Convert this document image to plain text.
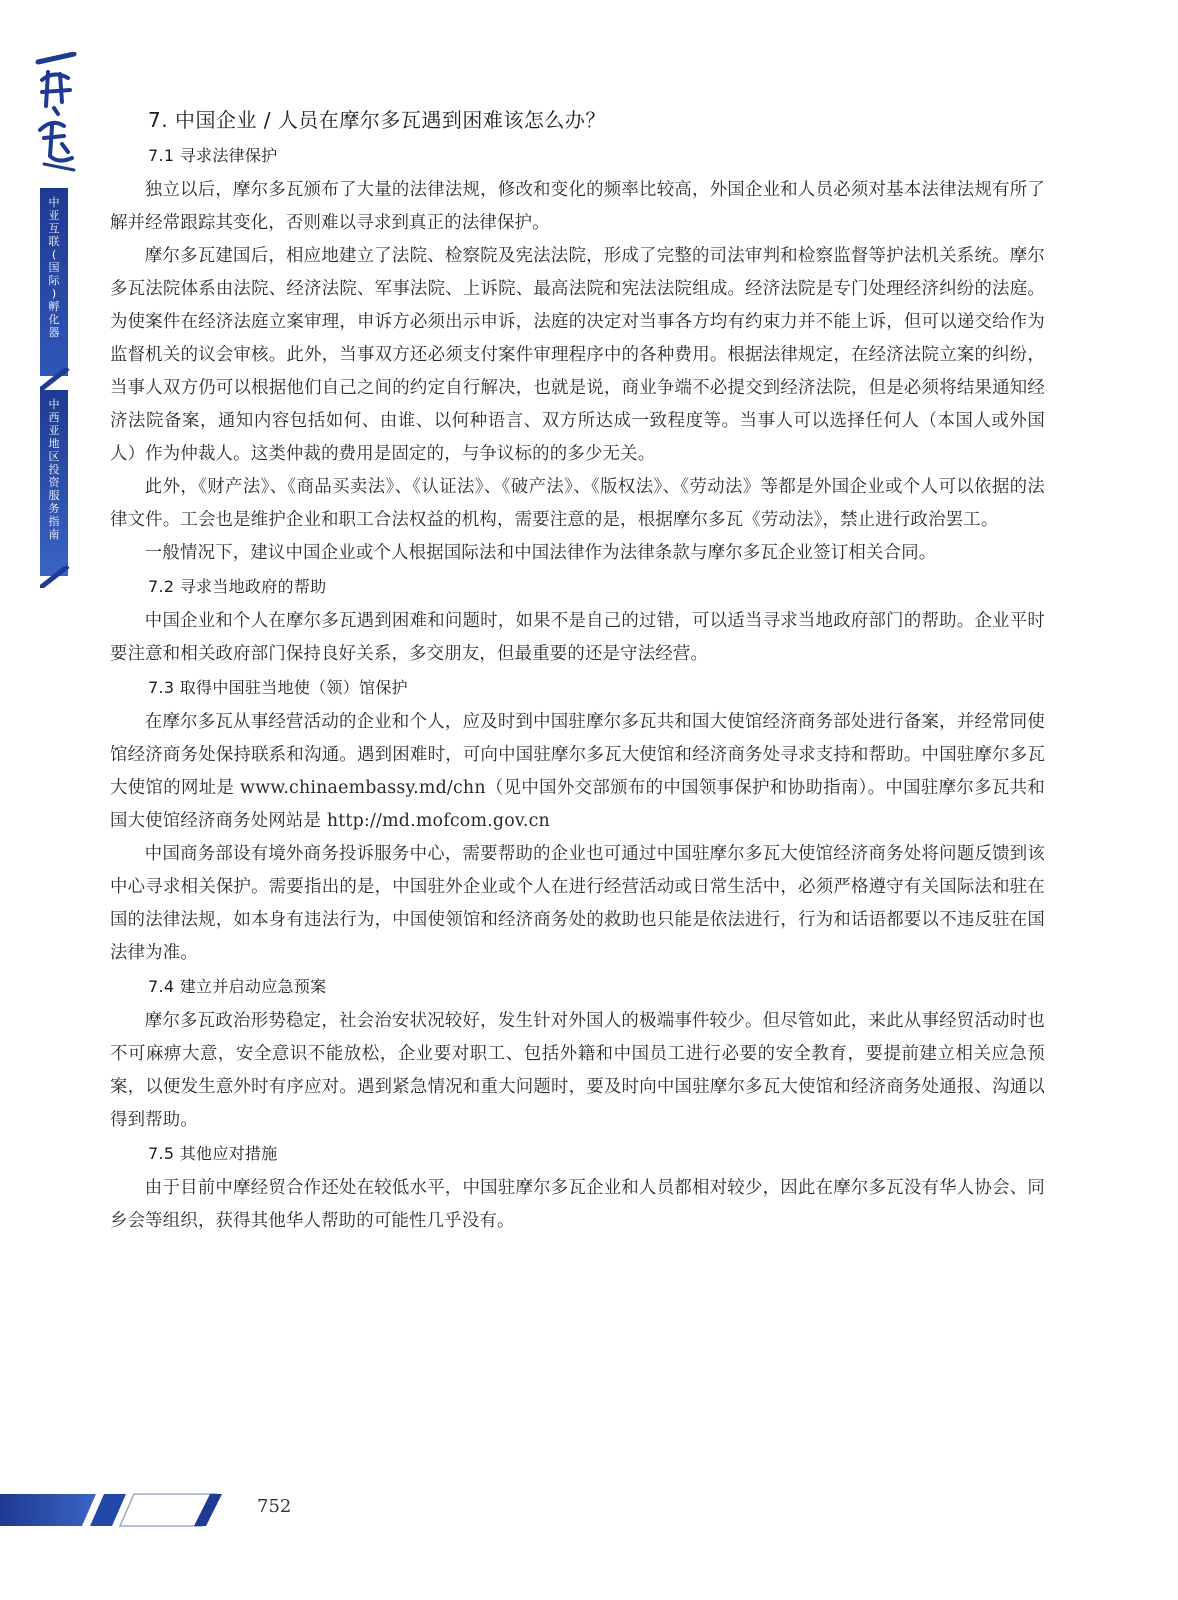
中
亚
互
联
(
国
际
)
孵
化
器
中
西
亚
地
区
投
资
服
务
指
南
7. 中国企业 / 人员在摩尔多瓦遇到困难该怎么办？
7.1 寻求法律保护

独立以后，摩尔多瓦颁布了大量的法律法规，修改和变化的频率比较高，外国企业和人员必须对基本法律法规有所了解并经常跟踪其变化，否则难以寻求到真正的法律保护。

摩尔多瓦建国后，相应地建立了法院、检察院及宪法法院，形成了完整的司法审判和检察监督等护法机关系统。摩尔多瓦法院体系由法院、经济法院、军事法院、上诉院、最高法院和宪法法院组成。经济法院是专门处理经济纠纷的法庭。为使案件在经济法庭立案审理，申诉方必须出示申诉，法庭的决定对当事各方均有约束力并不能上诉，但可以递交给作为监督机关的议会审核。此外，当事双方还必须支付案件审理程序中的各种费用。根据法律规定，在经济法院立案的纠纷，当事人双方仍可以根据他们自己之间的约定自行解决，也就是说，商业争端不必提交到经济法院，但是必须将结果通知经济法院备案，通知内容包括如何、由谁、以何种语言、双方所达成一致程度等。当事人可以选择任何人（本国人或外国人）作为仲裁人。这类仲裁的费用是固定的，与争议标的的多少无关。

此外，《财产法》、《商品买卖法》、《认证法》、《破产法》、《版权法》、《劳动法》等都是外国企业或个人可以依据的法律文件。工会也是维护企业和职工合法权益的机构，需要注意的是，根据摩尔多瓦《劳动法》，禁止进行政治罢工。

一般情况下，建议中国企业或个人根据国际法和中国法律作为法律条款与摩尔多瓦企业签订相关合同。

7.2 寻求当地政府的帮助

中国企业和个人在摩尔多瓦遇到困难和问题时，如果不是自己的过错，可以适当寻求当地政府部门的帮助。企业平时要注意和相关政府部门保持良好关系，多交朋友，但最重要的还是守法经营。

7.3 取得中国驻当地使（领）馆保护

在摩尔多瓦从事经营活动的企业和个人，应及时到中国驻摩尔多瓦共和国大使馆经济商务部处进行备案，并经常同使馆经济商务处保持联系和沟通。遇到困难时，可向中国驻摩尔多瓦大使馆和经济商务处寻求支持和帮助。中国驻摩尔多瓦大使馆的网址是 www.chinaembassy.md/chn（见中国外交部颁布的中国领事保护和协助指南）。中国驻摩尔多瓦共和国大使馆经济商务处网站是 http://md.mofcom.gov.cn

中国商务部设有境外商务投诉服务中心，需要帮助的企业也可通过中国驻摩尔多瓦大使馆经济商务处将问题反馈到该中心寻求相关保护。需要指出的是，中国驻外企业或个人在进行经营活动或日常生活中，必须严格遵守有关国际法和驻在国的法律法规，如本身有违法行为，中国使领馆和经济商务处的救助也只能是依法进行，行为和话语都要以不违反驻在国法律为准。

7.4 建立并启动应急预案

摩尔多瓦政治形势稳定，社会治安状况较好，发生针对外国人的极端事件较少。但尽管如此，来此从事经贸活动时也不可麻痹大意，安全意识不能放松，企业要对职工、包括外籍和中国员工进行必要的安全教育，要提前建立相关应急预案，以便发生意外时有序应对。遇到紧急情况和重大问题时，要及时向中国驻摩尔多瓦大使馆和经济商务处通报、沟通以得到帮助。

7.5 其他应对措施

由于目前中摩经贸合作还处在较低水平，中国驻摩尔多瓦企业和人员都相对较少，因此在摩尔多瓦没有华人协会、同乡会等组织，获得其他华人帮助的可能性几乎没有。

752
